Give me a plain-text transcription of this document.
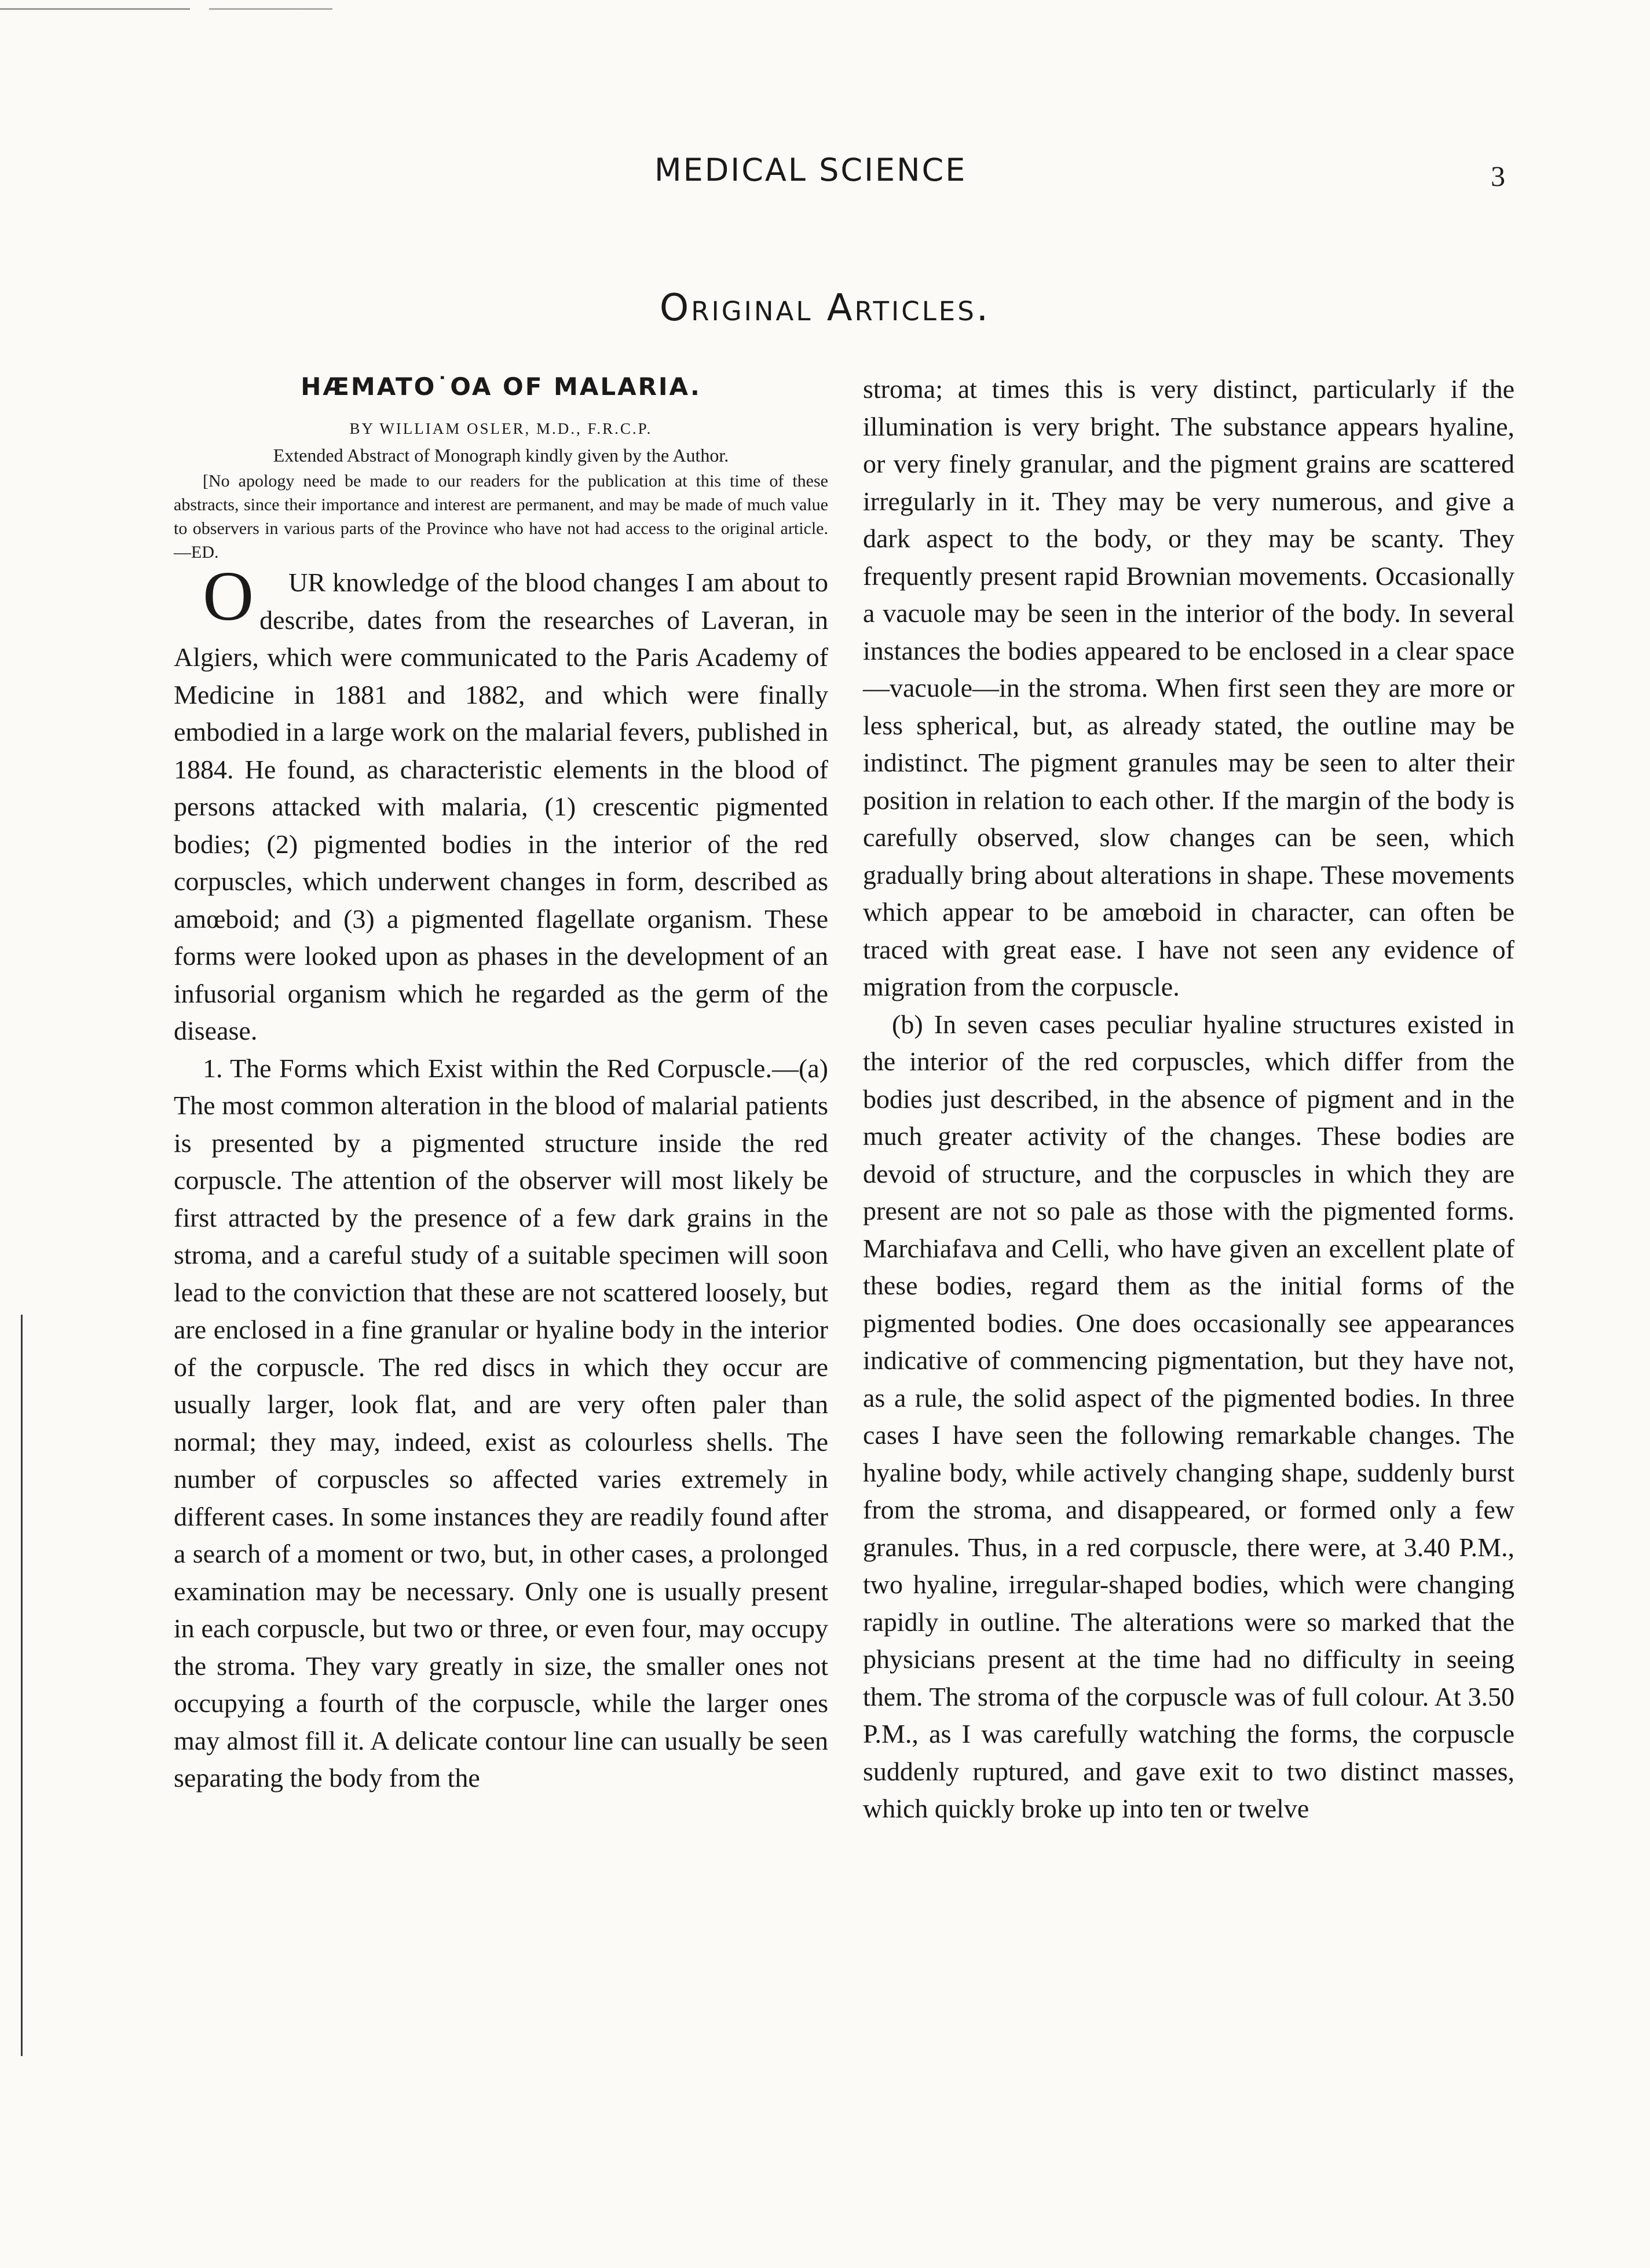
MEDICAL SCIENCE	3
Original Articles.
HÆMATO˙OA OF MALARIA.

BY WILLIAM OSLER, M.D., F.R.C.P.

Extended Abstract of Monograph kindly given by the Author.

[No apology need be made to our readers for the publication at this time of these abstracts, since their importance and interest are permanent, and may be made of much value to observers in various parts of the Province who have not had access to the original article. —ED.

O UR knowledge of the blood changes I am about to describe, dates from the researches of Laveran, in Algiers, which were communicated to the Paris Academy of Medicine in 1881 and 1882, and which were finally embodied in a large work on the malarial fevers, published in 1884. He found, as characteristic elements in the blood of persons attacked with malaria, (1) crescentic pigmented bodies; (2) pigmented bodies in the interior of the red corpuscles, which underwent changes in form, described as amœboid; and (3) a pigmented flagellate organism. These forms were looked upon as phases in the development of an infusorial organism which he regarded as the germ of the disease.

1. The Forms which Exist within the Red Corpuscle.—(a) The most common alteration in the blood of malarial patients is presented by a pigmented structure inside the red corpuscle. The attention of the observer will most likely be first attracted by the presence of a few dark grains in the stroma, and a careful study of a suitable specimen will soon lead to the conviction that these are not scattered loosely, but are enclosed in a fine granular or hyaline body in the interior of the corpuscle. The red discs in which they occur are usually larger, look flat, and are very often paler than normal; they may, indeed, exist as colourless shells. The number of corpuscles so affected varies extremely in different cases. In some instances they are readily found after a search of a moment or two, but, in other cases, a prolonged examination may be necessary. Only one is usually present in each corpuscle, but two or three, or even four, may occupy the stroma. They vary greatly in size, the smaller ones not occupying a fourth of the corpuscle, while the larger ones may almost fill it. A delicate contour line can usually be seen separating the body from the

stroma; at times this is very distinct, particularly if the illumination is very bright. The substance appears hyaline, or very finely granular, and the pigment grains are scattered irregularly in it. They may be very numerous, and give a dark aspect to the body, or they may be scanty. They frequently present rapid Brownian movements. Occasionally a vacuole may be seen in the interior of the body. In several instances the bodies appeared to be enclosed in a clear space—vacuole—in the stroma. When first seen they are more or less spherical, but, as already stated, the outline may be indistinct. The pigment granules may be seen to alter their position in relation to each other. If the margin of the body is carefully observed, slow changes can be seen, which gradually bring about alterations in shape. These movements which appear to be amœboid in character, can often be traced with great ease. I have not seen any evidence of migration from the corpuscle.

(b) In seven cases peculiar hyaline structures existed in the interior of the red corpuscles, which differ from the bodies just described, in the absence of pigment and in the much greater activity of the changes. These bodies are devoid of structure, and the corpuscles in which they are present are not so pale as those with the pigmented forms. Marchiafava and Celli, who have given an excellent plate of these bodies, regard them as the initial forms of the pigmented bodies. One does occasionally see appearances indicative of commencing pigmentation, but they have not, as a rule, the solid aspect of the pigmented bodies. In three cases I have seen the following remarkable changes. The hyaline body, while actively changing shape, suddenly burst from the stroma, and disappeared, or formed only a few granules. Thus, in a red corpuscle, there were, at 3.40 P.M., two hyaline, irregular-shaped bodies, which were changing rapidly in outline. The alterations were so marked that the physicians present at the time had no difficulty in seeing them. The stroma of the corpuscle was of full colour. At 3.50 P.M., as I was carefully watching the forms, the corpuscle suddenly ruptured, and gave exit to two distinct masses, which quickly broke up into ten or twelve
